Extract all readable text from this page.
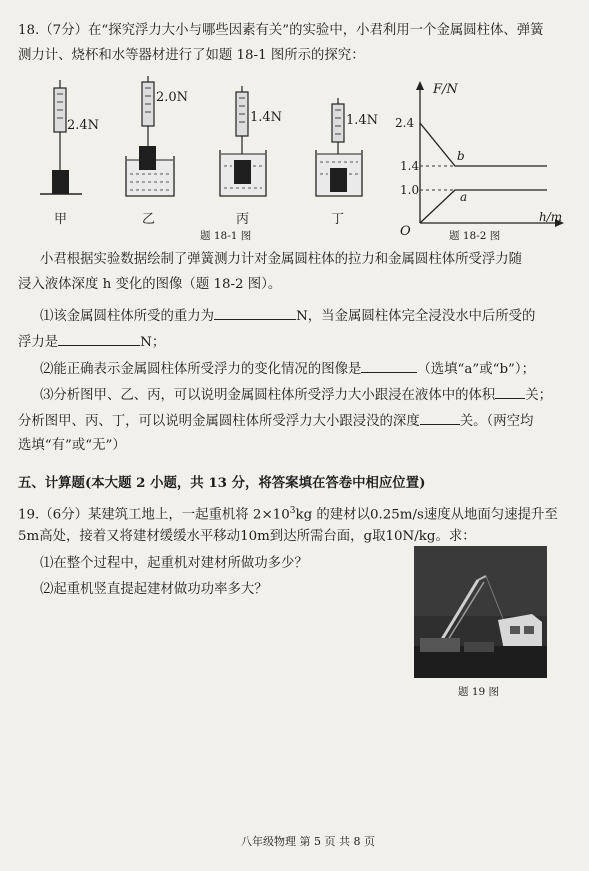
18.（7分）在“探究浮力大小与哪些因素有关”的实验中，小君利用一个金属圆柱体、弹簧
测力计、烧杯和水等器材进行了如题 18-1 图所示的探究：
2.4N
2.0N
1.4N	1.4N
甲	乙	丙	丁
题 18-1 图
F/N
h/m
O
2.4
1.4
1.0
b
a
题 18-2 图
小君根据实验数据绘制了弹簧测力计对金属圆柱体的拉力和金属圆柱体所受浮力随
浸入液体深度 h 变化的图像（题 18-2 图）。
⑴该金属圆柱体所受的重力为	N，当金属圆柱体完全浸没水中后所受的
浮力是	N；
⑵能正确表示金属圆柱体所受浮力的变化情况的图像是	（选填“a”或“b”）；
⑶分析图甲、乙、丙，可以说明金属圆柱体所受浮力大小跟浸在液体中的体积 关；
分析图甲、丙、丁，可以说明金属圆柱体所受浮力大小跟浸没的深度	关。（两空均
选填“有”或“无”）
五、计算题(本大题 2 小题，共 13 分，将答案填在答卷中相应位置)
19.（6分）某建筑工地上，一起重机将 $2\times 10^3kg$ 的建材以0.25m/s速度从地面匀速提升至
5m高处，接着又将建材缓缓水平移动10m到达所需台面，g取10N/kg。求：
⑴在整个过程中，起重机对建材所做功多少？
⑵起重机竖直提起建材做功功率多大？
题 19 图
八年级物理 第 5 页 共 8 页
